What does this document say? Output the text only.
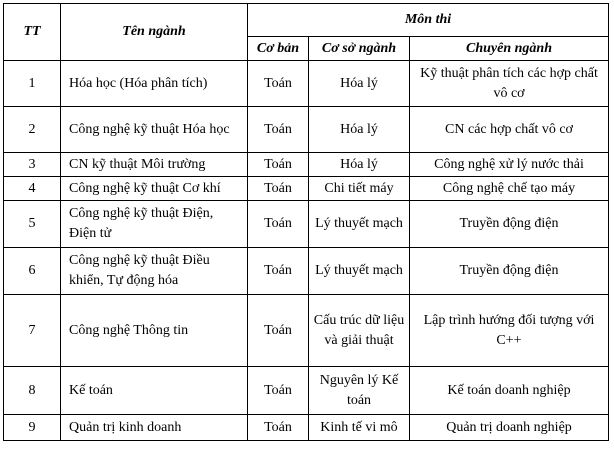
TT	Tên ngành	Môn thi		
		Cơ bản	Cơ sở ngành	Chuyên ngành
1	Hóa học (Hóa phân tích)	Toán	Hóa lý	Kỹ thuật phân tích các hợp chất vô cơ
2	Công nghệ kỹ thuật Hóa học	Toán	Hóa lý	CN các hợp chất vô cơ
3	CN kỹ thuật Môi trường	Toán	Hóa lý	Công nghệ xử lý nước thải
4	Công nghệ kỹ thuật Cơ khí	Toán	Chi tiết máy	Công nghệ chế tạo máy
5	Công nghệ kỹ thuật Điện, Điện tử	Toán	Lý thuyết mạch	Truyền động điện
6	Công nghệ kỹ thuật Điều khiển, Tự động hóa	Toán	Lý thuyết mạch	Truyền động điện
7	Công nghệ Thông tin	Toán	Cấu trúc dữ liệu và giải thuật	Lập trình hướng đối tượng với C++
8	Kế toán	Toán	Nguyên lý Kế toán	Kế toán doanh nghiệp
9	Quản trị kinh doanh	Toán	Kinh tế vi mô	Quản trị doanh nghiệp
